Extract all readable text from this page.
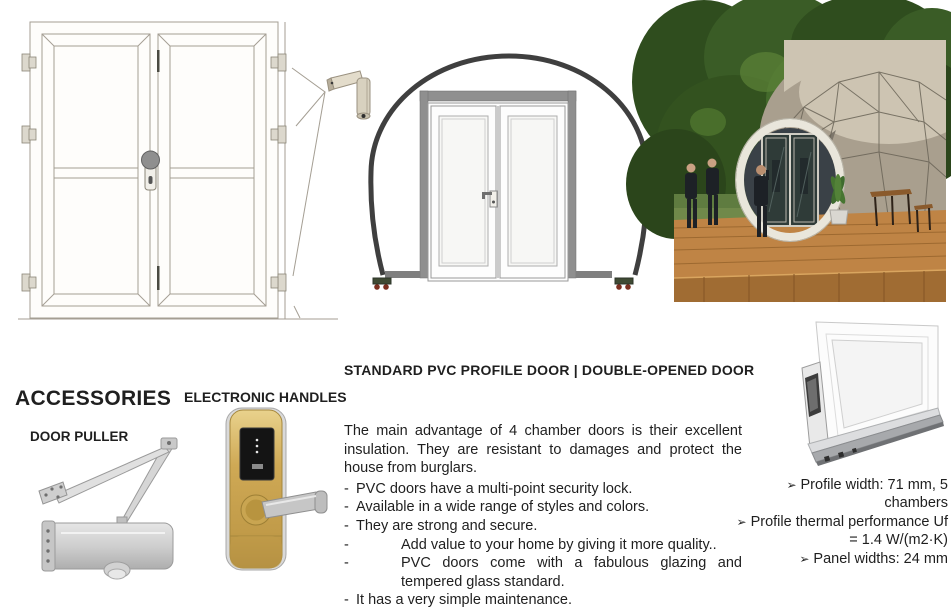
ACCESSORIES
DOOR PULLER
ELECTRONIC HANDLES
STANDARD PVC PROFILE DOOR | DOUBLE-OPENED DOOR
The main advantage of 4 chamber doors is their excellent insulation. They are resistant to damages and protect the house from burglars.
- PVC doors have a multi-point security lock.
- Available in a wide range of styles and colors.
- They are strong and secure.
-	Add value to your home by giving it more quality..
-	PVC doors come with a fabulous glazing and tempered glass standard.
- It has a very simple maintenance.
➢ Profile width: 71 mm, 5 chambers
➢ Profile thermal performance Uf = 1.4 W/(m2·K)
➢ Panel widths: 24 mm
